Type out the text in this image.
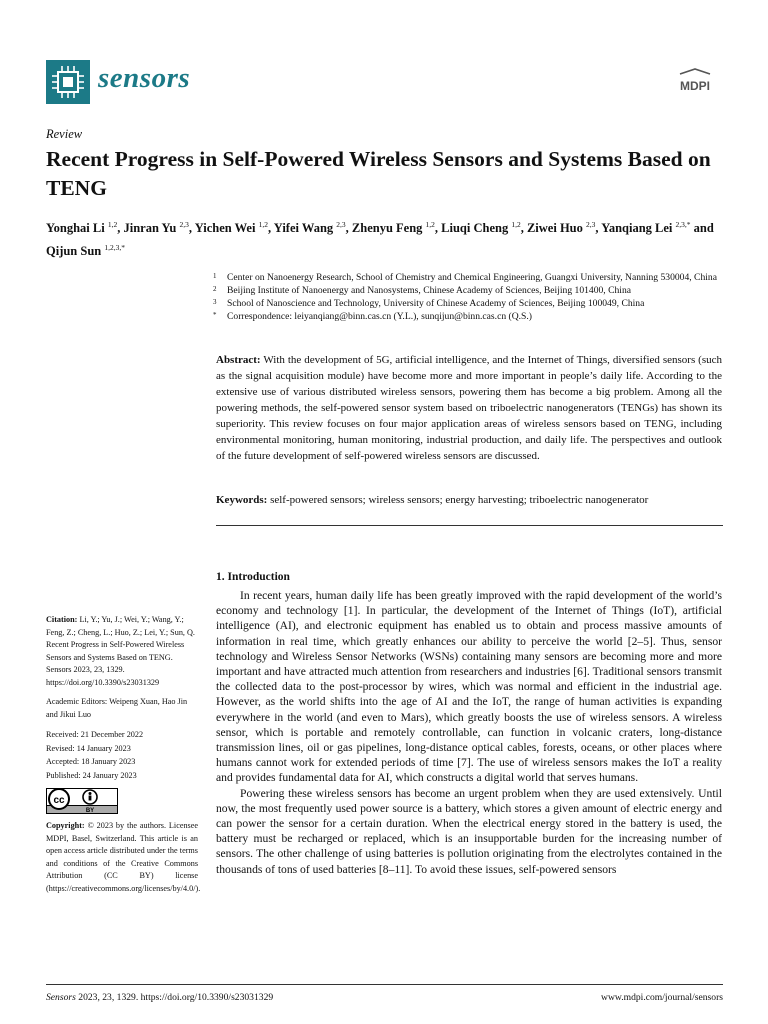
sensors	MDPI
Review
Recent Progress in Self-Powered Wireless Sensors and Systems Based on TENG
Yonghai Li $^{1,2}$, Jinran Yu $^{2,3}$, Yichen Wei $^{1,2}$, Yifei Wang $^{2,3}$, Zhenyu Feng $^{1,2}$, Liuqi Cheng $^{1,2}$, Ziwei Huo $^{2,3}$, Yanqiang Lei $^{2,3,*}$ and Qijun Sun $^{1,2,3,*}$
1 Center on Nanoenergy Research, School of Chemistry and Chemical Engineering, Guangxi University, Nanning 530004, China
2 Beijing Institute of Nanoenergy and Nanosystems, Chinese Academy of Sciences, Beijing 101400, China
3 School of Nanoscience and Technology, University of Chinese Academy of Sciences, Beijing 100049, China
* Correspondence: leiyanqiang@binn.cas.cn (Y.L.), sunqijun@binn.cas.cn (Q.S.)
Abstract: With the development of 5G, artificial intelligence, and the Internet of Things, diversified sensors (such as the signal acquisition module) have become more and more important in people’s daily life. According to the extensive use of various distributed wireless sensors, powering them has become a big problem. Among all the powering methods, the self-powered sensor system based on triboelectric nanogenerators (TENGs) has shown its superiority. This review focuses on four major application areas of wireless sensors based on TENG, including environmental monitoring, human monitoring, industrial production, and daily life. The perspectives and outlook of the future development of self-powered wireless sensors are discussed.
Keywords: self-powered sensors; wireless sensors; energy harvesting; triboelectric nanogenerator

Citation: Li, Y.; Yu, J.; Wei, Y.; Wang, Y.; Feng, Z.; Cheng, L.; Huo, Z.; Lei, Y.; Sun, Q. Recent Progress in Self-Powered Wireless Sensors and Systems Based on TENG. Sensors 2023, 23, 1329. https://doi.org/10.3390/s23031329

Academic Editors: Weipeng Xuan, Hao Jin and Jikui Luo

Received: 21 December 2022

Revised: 14 January 2023

Accepted: 18 January 2023

Published: 24 January 2023

cc
BY

Copyright: © 2023 by the authors. Licensee MDPI, Basel, Switzerland. This article is an open access article distributed under the terms and conditions of the Creative Commons Attribution (CC BY) license (https://creativecommons.org/licenses/by/4.0/).

1. Introduction

In recent years, human daily life has been greatly improved with the rapid development of the world’s economy and technology [1]. In particular, the development of the Internet of Things (IoT), artificial intelligence (AI), and electronic equipment has enabled us to obtain and process massive amounts of information in real time, which greatly enhances our ability to perceive the world [2–5]. Thus, sensor technology and Wireless Sensor Networks (WSNs) containing many sensors are becoming more and more important and have attracted much attention from researchers and industries [6]. Traditional sensors transmit the collected data to the post-processor by wires, which was normal and efficient in the industrial age. However, as the world shifts into the age of AI and the IoT, the range of human activities is expanding everywhere in the world (and even to Mars), which greatly boosts the use of wireless sensors. A wireless sensor, which is portable and remotely controllable, can function in volcanic craters, long-distance transmission lines, oil or gas pipelines, long-distance optical cables, forests, oceans, or other places where humans cannot work for extended periods of time [7]. The use of wireless sensors makes the IoT a reality and provides fundamental data for AI, which constructs a digital world that serves humans.

Powering these wireless sensors has become an urgent problem when they are used extensively. Until now, the most frequently used power source is a battery, which stores a given amount of electric energy and can power the sensor for a certain duration. When the electrical energy stored in the battery is used, the battery must be recharged or replaced, which is an insupportable burden for the increasing number of sensors. The other challenge of using batteries is pollution originating from the electrolytes contained in the thousands of tons of used batteries [8–11]. To avoid these issues, self-powered sensors

Sensors 2023, 23, 1329. https://doi.org/10.3390/s23031329	www.mdpi.com/journal/sensors
